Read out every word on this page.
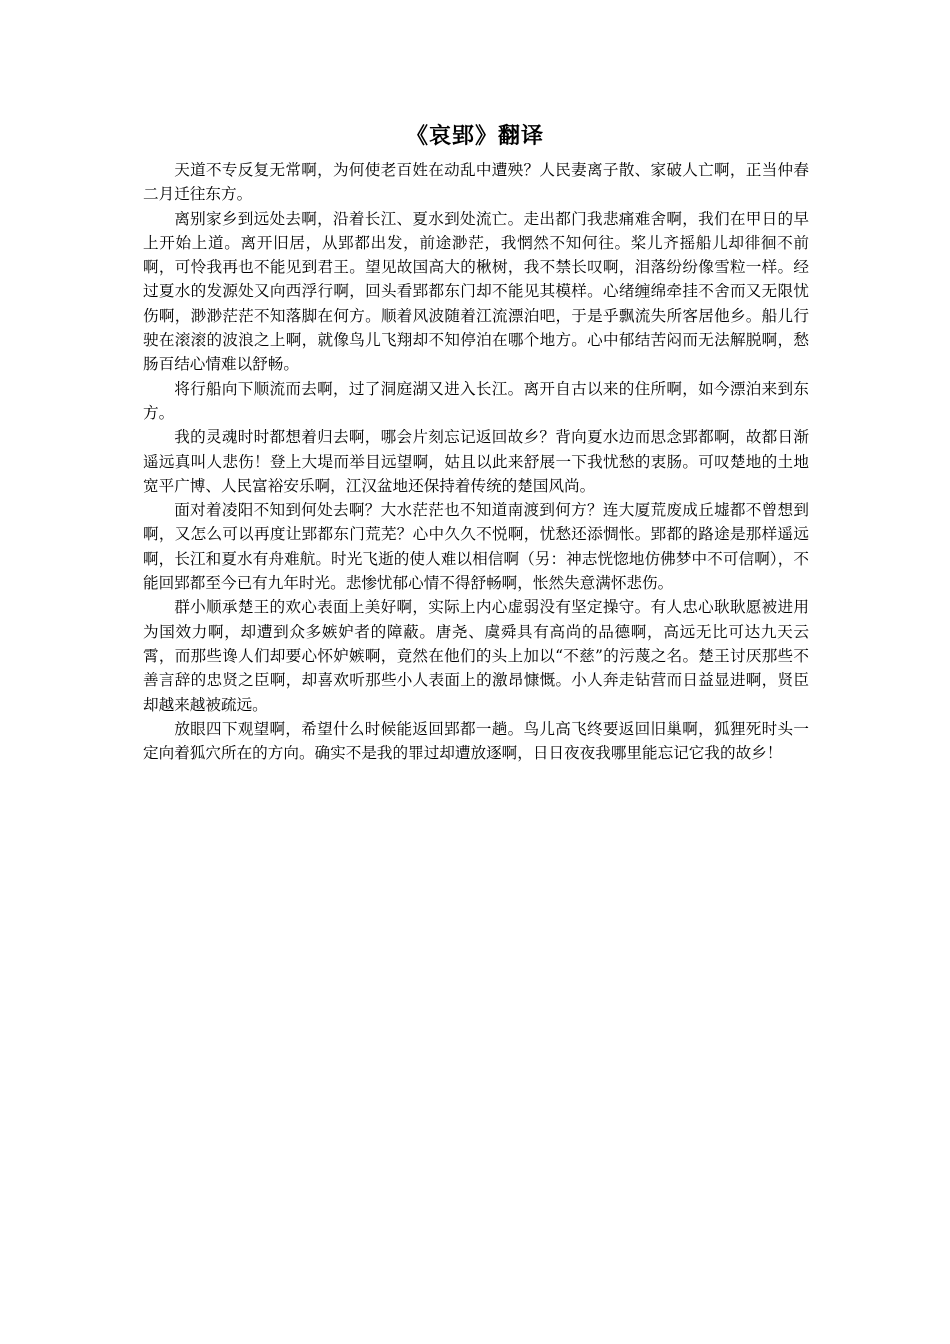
《哀郢》翻译

天道不专反复无常啊，为何使老百姓在动乱中遭殃？人民妻离子散、家破人亡啊，正当仲春二月迁往东方。

离别家乡到远处去啊，沿着长江、夏水到处流亡。走出都门我悲痛难舍啊，我们在甲日的早上开始上道。离开旧居，从郢都出发，前途渺茫，我惘然不知何往。桨儿齐摇船儿却徘徊不前啊，可怜我再也不能见到君王。望见故国高大的楸树，我不禁长叹啊，泪落纷纷像雪粒一样。经过夏水的发源处又向西浮行啊，回头看郢都东门却不能见其模样。心绪缠绵牵挂不舍而又无限忧伤啊，渺渺茫茫不知落脚在何方。顺着风波随着江流漂泊吧，于是乎飘流失所客居他乡。船儿行驶在滚滚的波浪之上啊，就像鸟儿飞翔却不知停泊在哪个地方。心中郁结苦闷而无法解脱啊，愁肠百结心情难以舒畅。

将行船向下顺流而去啊，过了洞庭湖又进入长江。离开自古以来的住所啊，如今漂泊来到东方。

我的灵魂时时都想着归去啊，哪会片刻忘记返回故乡？背向夏水边而思念郢都啊，故都日渐遥远真叫人悲伤！登上大堤而举目远望啊，姑且以此来舒展一下我忧愁的衷肠。可叹楚地的土地宽平广博、人民富裕安乐啊，江汉盆地还保持着传统的楚国风尚。

面对着凌阳不知到何处去啊？大水茫茫也不知道南渡到何方？连大厦荒废成丘墟都不曾想到啊，又怎么可以再度让郢都东门荒芜？心中久久不悦啊，忧愁还添惆怅。郢都的路途是那样遥远啊，长江和夏水有舟难航。时光飞逝的使人难以相信啊（另：神志恍惚地仿佛梦中不可信啊），不能回郢都至今已有九年时光。悲惨忧郁心情不得舒畅啊，怅然失意满怀悲伤。

群小顺承楚王的欢心表面上美好啊，实际上内心虚弱没有坚定操守。有人忠心耿耿愿被进用为国效力啊，却遭到众多嫉妒者的障蔽。唐尧、虞舜具有高尚的品德啊，高远无比可达九天云霄，而那些谗人们却要心怀妒嫉啊，竟然在他们的头上加以“不慈”的污蔑之名。楚王讨厌那些不善言辞的忠贤之臣啊，却喜欢听那些小人表面上的激昂慷慨。小人奔走钻营而日益显进啊，贤臣却越来越被疏远。

放眼四下观望啊，希望什么时候能返回郢都一趟。鸟儿高飞终要返回旧巢啊，狐狸死时头一定向着狐穴所在的方向。确实不是我的罪过却遭放逐啊，日日夜夜我哪里能忘记它我的故乡！
